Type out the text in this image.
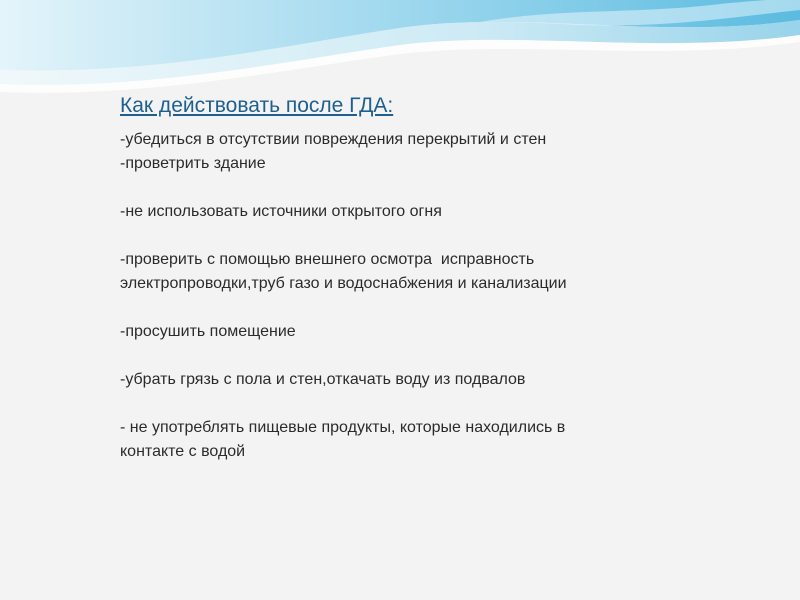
Как действовать после ГДА:

-убедиться в отсутствии повреждения перекрытий и стен

-проветрить здание

-не использовать источники открытого огня

-проверить с помощью внешнего осмотра  исправность

электропроводки,труб газо и водоснабжения и канализации

-просушить помещение

-убрать грязь с пола и стен,откачать воду из подвалов

- не употреблять пищевые продукты, которые находились в

контакте с водой
